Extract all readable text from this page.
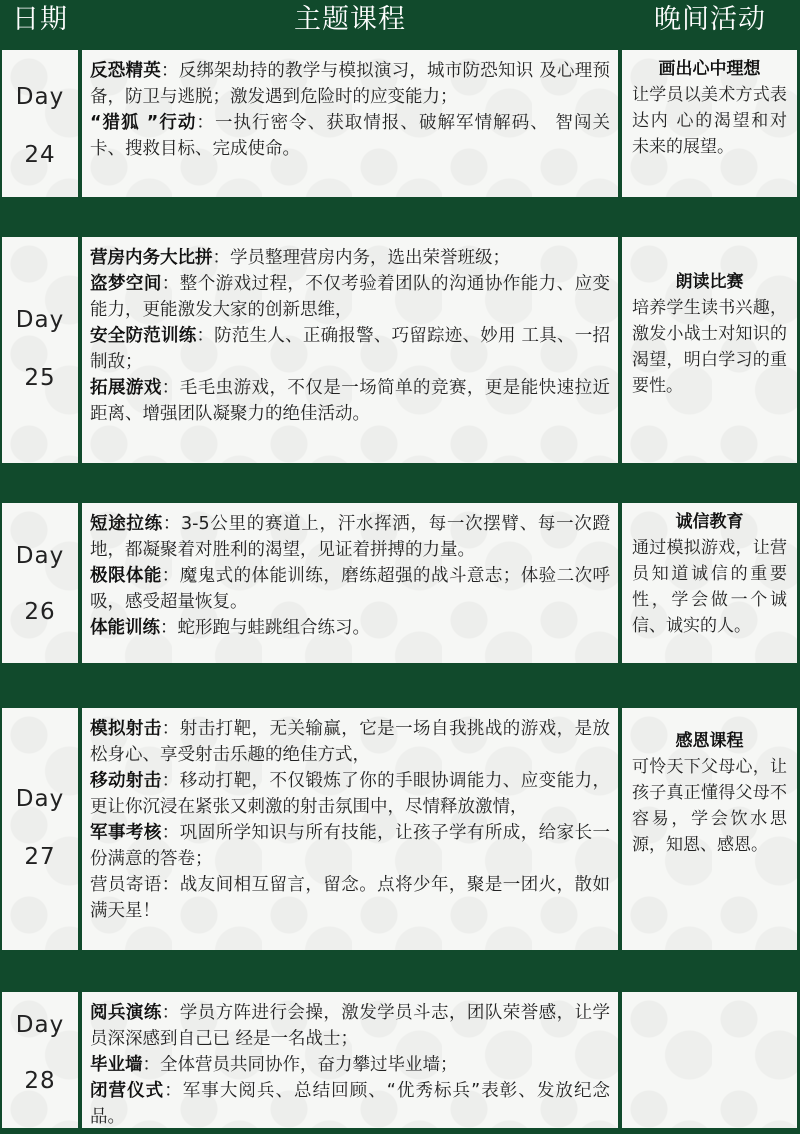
日期	主题课程	晚间活动
Day
24

反恐精英：反绑架劫持的教学与模拟演习，城市防恐知识 及心理预备，防卫与逃脱；激发遇到危险时的应变能力；

“猎狐 ”行动：一执行密令、获取情报、破解军情解码、 智闯关卡、搜救目标、完成使命。

画出心中理想
让学员以美术方式表达内 心的渴望和对未来的展望。
Day
25

营房内务大比拼：学员整理营房内务，选出荣誉班级；

盗梦空间：整个游戏过程，不仅考验着团队的沟通协作能力、应变能力，更能激发大家的创新思维，

安全防范训练：防范生人、正确报警、巧留踪迹、妙用 工具、一招制敌；

拓展游戏：毛毛虫游戏，不仅是一场简单的竞赛，更是能快速拉近距离、增强团队凝聚力的绝佳活动。

朗读比赛
培养学生读书兴趣，激发小战士对知识的渴望，明白学习的重要性。
Day
26

短途拉练：3-5公里的赛道上，汗水挥洒，每一次摆臂、每一次蹬地，都凝聚着对胜利的渴望，见证着拼搏的力量。

极限体能：魔鬼式的体能训练，磨练超强的战斗意志；体验二次呼吸，感受超量恢复。

体能训练：蛇形跑与蛙跳组合练习。

诚信教育
通过模拟游戏，让营员知道诚信的重要性，学会做一个诚信、诚实的人。
Day
27

模拟射击：射击打靶，无关输赢，它是一场自我挑战的游戏，是放松身心、享受射击乐趣的绝佳方式，

移动射击：移动打靶，不仅锻炼了你的手眼协调能力、应变能力，更让你沉浸在紧张又刺激的射击氛围中，尽情释放激情，

军事考核：巩固所学知识与所有技能，让孩子学有所成，给家长一份满意的答卷；

营员寄语：战友间相互留言，留念。点将少年，聚是一团火，散如满天星！

感恩课程
可怜天下父母心，让孩子真正懂得父母不容易，学会饮水思源，知恩、感恩。
Day
28

阅兵演练：学员方阵进行会操，激发学员斗志，团队荣誉感，让学员深深感到自己已 经是一名战士；

毕业墙：全体营员共同协作，奋力攀过毕业墙；

闭营仪式：军事大阅兵、总结回顾、“优秀标兵”表彰、发放纪念品。
